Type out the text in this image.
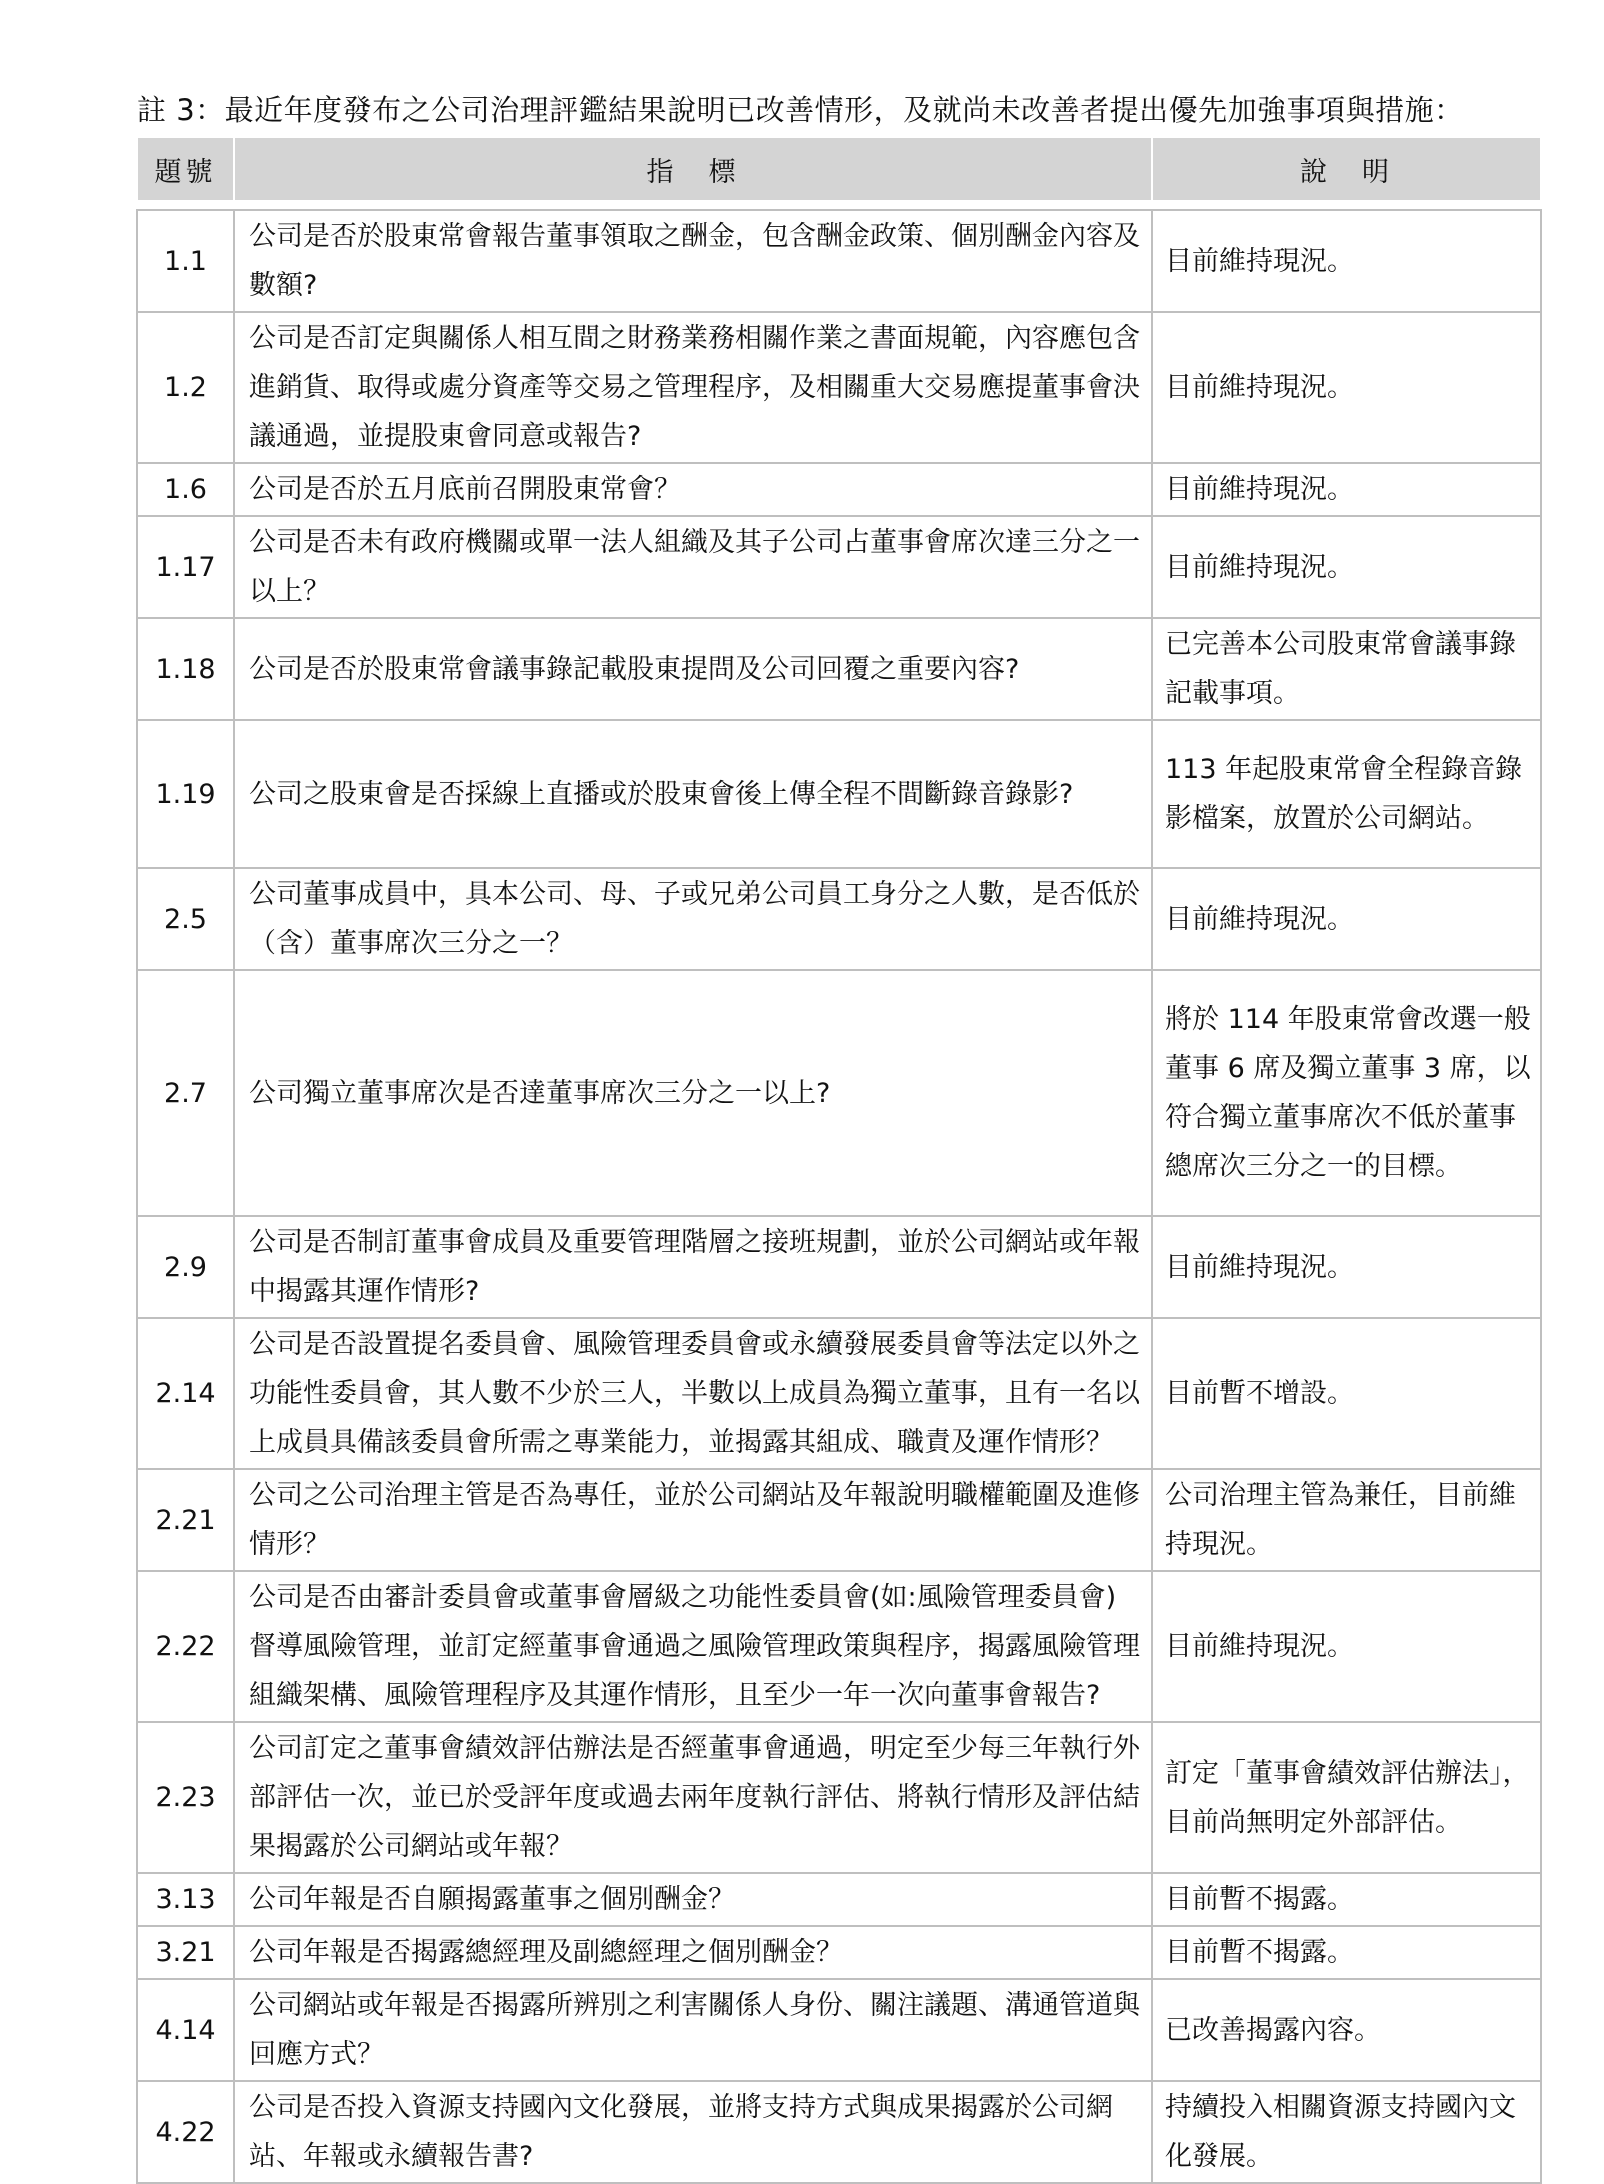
註 3：最近年度發布之公司治理評鑑結果說明已改善情形，及就尚未改善者提出優先加強事項與措施：
題號	指　標	說　明
1.1	公司是否於股東常會報告董事領取之酬金，包含酬金政策、個別酬金內容及數額?	目前維持現況。
1.2	公司是否訂定與關係人相互間之財務業務相關作業之書面規範，內容應包含進銷貨、取得或處分資產等交易之管理程序，及相關重大交易應提董事會決議通過，並提股東會同意或報告?	目前維持現況。
1.6	公司是否於五月底前召開股東常會？	目前維持現況。
1.17	公司是否未有政府機關或單一法人組織及其子公司占董事會席次達三分之一以上？	目前維持現況。
1.18	公司是否於股東常會議事錄記載股東提問及公司回覆之重要內容?	已完善本公司股東常會議事錄記載事項。
1.19	公司之股東會是否採線上直播或於股東會後上傳全程不間斷錄音錄影?	113 年起股東常會全程錄音錄影檔案，放置於公司網站。
2.5	公司董事成員中，具本公司、母、子或兄弟公司員工身分之人數，是否低於（含）董事席次三分之一？	目前維持現況。
2.7	公司獨立董事席次是否達董事席次三分之一以上?	將於 114 年股東常會改選一般董事 6 席及獨立董事 3 席，以符合獨立董事席次不低於董事總席次三分之一的目標。
2.9	公司是否制訂董事會成員及重要管理階層之接班規劃，並於公司網站或年報中揭露其運作情形?	目前維持現況。
2.14	公司是否設置提名委員會、風險管理委員會或永續發展委員會等法定以外之功能性委員會，其人數不少於三人，半數以上成員為獨立董事，且有一名以上成員具備該委員會所需之專業能力，並揭露其組成、職責及運作情形？	目前暫不增設。
2.21	公司之公司治理主管是否為專任，並於公司網站及年報說明職權範圍及進修情形？	公司治理主管為兼任，目前維持現況。
2.22	公司是否由審計委員會或董事會層級之功能性委員會(如:風險管理委員會)督導風險管理，並訂定經董事會通過之風險管理政策與程序，揭露風險管理組織架構、風險管理程序及其運作情形，且至少一年一次向董事會報告?	目前維持現況。
2.23	公司訂定之董事會績效評估辦法是否經董事會通過，明定至少每三年執行外部評估一次，並已於受評年度或過去兩年度執行評估、將執行情形及評估結果揭露於公司網站或年報？	訂定「董事會績效評估辦法」，目前尚無明定外部評估。
3.13	公司年報是否自願揭露董事之個別酬金？	目前暫不揭露。
3.21	公司年報是否揭露總經理及副總經理之個別酬金？	目前暫不揭露。
4.14	公司網站或年報是否揭露所辨別之利害關係人身份、關注議題、溝通管道與回應方式？	已改善揭露內容。
4.22	公司是否投入資源支持國內文化發展，並將支持方式與成果揭露於公司網站、年報或永續報告書?	持續投入相關資源支持國內文化發展。
